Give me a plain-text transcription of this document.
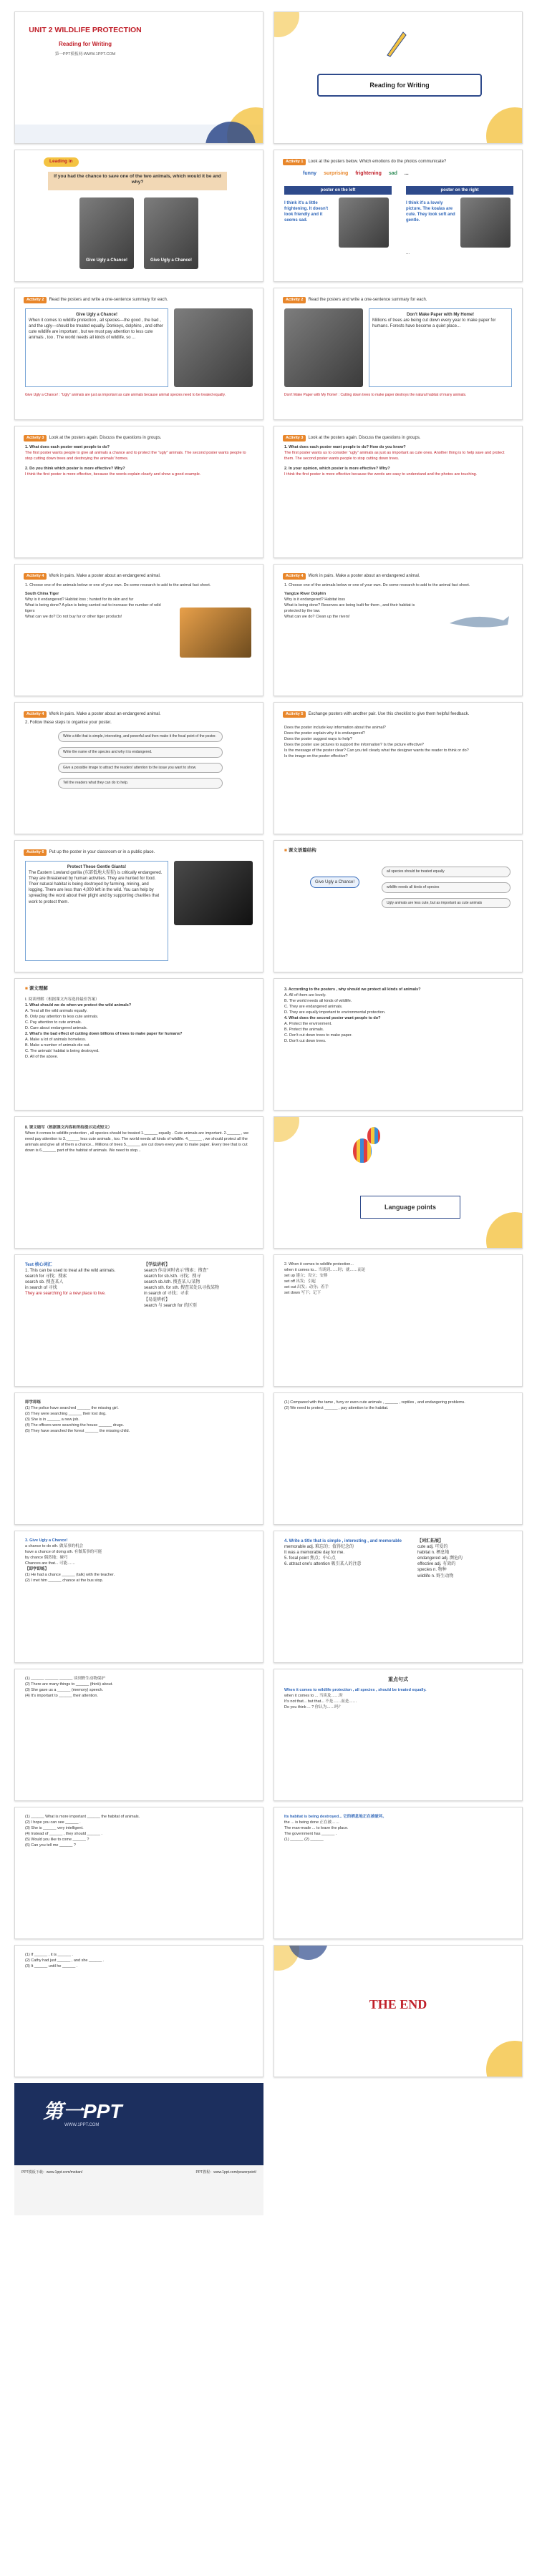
UNIT 2 WILDLIFE PROTECTION
Reading for Writing
第一PPT模板网-WWW.1PPT.COM
Reading for Writing
Leading in
If you had the chance to save one of the two animals, which would it be and why?
Give Ugly a Chance!	Give Ugly a Chance!
Activity 1 Look at the posters below. Which emotions do the photos communicate?
funny surprising frightening sad ...
poster on the left	poster on the right
I think it's a little frightening. It doesn't look friendly and it seems sad.
I think it's a lovely picture. The koalas are cute. They look soft and gentle.
...
Activity 2 Read the posters and write a one-sentence summary for each.
Give Ugly a Chance!
When it comes to wildlife protection , all species—the good , the bad , and the ugly—should be treated equally. Donkeys, dolphins , and other cute wildlife are important , but we must pay attention to less cute animals , too . The world needs all kinds of wildlife, so ...
Give Ugly a Chance! : "Ugly" animals are just as important as cute animals because animal species need to be treated equally.
Activity 2 Read the posters and write a one-sentence summary for each.
Don't Make Paper with My Home!
Millions of trees are being cut down every year to make paper for humans. Forests have become a quiet place...
Don't Make Paper with My Home! : Cutting down trees to make paper destroys the natural habitat of many animals.
Activity 3 Look at the posters again. Discuss the questions in groups.
1. What does each poster want people to do?
The first poster wants people to give all animals a chance and to protect the "ugly" animals. The second poster wants people to stop cutting down trees and destroying the animals' homes.
2. Do you think which poster is more effective? Why?
I think the first poster is more effective, because the words explain clearly and show a good example.
Activity 3 Look at the posters again. Discuss the questions in groups.
1. What does each poster want people to do? How do you know?
The first poster wants us to consider "ugly" animals as just as important as cute ones. Another thing is to help save and protect them. The second poster wants people to stop cutting down trees.
2. In your opinion, which poster is more effective? Why?
I think the first poster is more effective because the words are easy to understand and the photos are touching.
Activity 4 Work in pairs. Make a poster about an endangered animal.
1. Choose one of the animals below or one of your own. Do some research to add to the animal fact sheet.
South China Tiger
Why is it endangered? Habitat loss ; hunted for its skin and fur
What is being done? A plan is being carried out to increase the number of wild tigers
What can we do? Do not buy fur or other tiger products!
Activity 4 Work in pairs. Make a poster about an endangered animal.
1. Choose one of the animals below or one of your own. Do some research to add to the animal fact sheet.
Yangtze River Dolphin
Why is it endangered? Habitat loss
What is being done? Reserves are being built for them , and their habitat is protected by the law.
What can we do? Clean up the rivers!
Activity 4 Work in pairs. Make a poster about an endangered animal.
2. Follow these steps to organise your poster.
Write a title that is simple, interesting, and powerful and then make it the focal point of the poster.
Write the name of the species and why it is endangered.
Give a possible image to attract the readers' attention to the issue you want to show.
Tell the readers what they can do to help.
Activity 5 Exchange posters with another pair. Use this checklist to give them helpful feedback.
Does the poster include key information about the animal?
Does the poster explain why it is endangered?
Does the poster suggest ways to help?
Does the poster use pictures to support the information? Is the picture effective?
Is the message of the poster clear? Can you tell clearly what the designer wants the reader to think or do?
Is the image on the poster effective?
Activity 6 Put up the poster in your classroom or in a public place.
Protect These Gentle Giants!
The Eastern Lowland gorilla (东部低地大猩猩) is critically endangered. They are threatened by human activities. They are hunted for food. Their natural habitat is being destroyed by farming, mining, and logging. There are less than 4,000 left in the wild. You can help by spreading the word about their plight and by supporting charities that work to protect them.
■ 课文语篇结构
Give Ugly a Chance!
all species should be treated equally
wildlife needs all kinds of species
Ugly animals are less cute, but as important as cute animals
■ 课文理解
Ⅰ. 阅读理解（根据课文内容选择最佳答案）
1. What should we do when we protect the wild animals?
A. Treat all the wild animals equally.
B. Only pay attention to less cute animals.
C. Pay attention to cute animals.
D. Care about endangered animals.
2. What's the bad effect of cutting down billions of trees to make paper for humans?
A. Make a lot of animals homeless.
B. Make a number of animals die out.
C. The animals' habitat is being destroyed.
D. All of the above.
3. According to the posters , why should we protect all kinds of animals?
A. All of them are lovely.
B. The world needs all kinds of wildlife.
C. They are endangered animals.
D. They are equally important to environmental protection.
4. What does the second poster want people to do?
A. Protect the environment.
B. Protect the animals.
C. Don't cut down trees to make paper.
D. Don't cut down trees.
Ⅱ. 课文缩写（根据课文内容和所给提示完成短文）
When it comes to wildlife protection , all species should be treated 1.______ equally . Cute animals are important. 2.______ , we need pay attention to 3.______ less cute animals , too. The world needs all kinds of wildlife. 4.______ , we should protect all the animals and give all of them a chance... Millions of trees 5.______ are cut down every year to make paper. Every tree that is cut down is 6.______ part of the habitat of animals. We need to stop...
Language points
Text 核心词汇
1. This can be used to treat all the wild animals.
search for 寻找；搜索
search sb. 搜查某人
in search of 寻找
They are searching for a new place to live.
【学法讲析】
search 作动词时表示“搜索；搜查”
search for sb./sth. 寻找；搜寻
search sb./sth. 搜查某人/某物
search sth. for sth. 搜查某处以寻找某物
in search of 寻找；寻求
【易混辨析】
search 与 search for 的区别
2. When it comes to wildlife protection...
when it comes to... 当谈到……时；就……而论
set up 建立；设立；安排
set off 出发；引起
set out 出发；动身；着手
set down 写下；记下
即学即练
(1) The police have searched ______ the missing girl.
(2) They were searching ______ their lost dog.
(3) She is in ______ a new job.
(4) The officers were searching the house ______ drugs.
(5) They have searched the forest ______ the missing child.
(1) Compared with the tame , furry or even cute animals , ______ , reptiles , and endangering problems.
(2) We need to protect ______ , pay attention to the habitat.
3. Give Ugly a Chance!
a chance to do sth. 做某事的机会
have a chance of doing sth. 有做某事的可能
by chance 偶然地；碰巧
Chances are that... 可能……
【即学即练】
(1) He had a chance ______ (talk) with the teacher.
(2) I met him ______ chance at the bus stop.
4. Write a title that is simple , interesting , and memorable
memorable adj. 难忘的；值得纪念的
It was a memorable day for me.
5. focal point 焦点；中心点
6. attract one's attention 吸引某人的注意
【词汇拓展】
cute adj. 可爱的
habitat n. 栖息地
endangered adj. 濒危的
effective adj. 有效的
species n. 物种
wildlife n. 野生动物
(1) ______ ______ ______ 谈到野生动物保护
(2) There are many things to ______ (think) about.
(3) She gave us a ______ (memory) speech.
(4) It's important to ______ their attention.
重点句式
When it comes to wildlife protection , all species , should be treated equally.
when it comes to ... 当谈及……时
It's not that... but that... 不是……而是……
Do you think ... ? 你认为……吗？
(1) ______ What is more important ______ the habitat of animals.
(2) I hope you can see ______ .
(3) She is ______ very intelligent.
(4) Instead of ______ , they should ______ .
(5) Would you like to come ______ ?
(6) Can you tell me ______ ?
Its habitat is being destroyed... 它的栖息地正在被破坏。
the ... is being done 正在被……
The man-made ... to leave the place.
The government has ______ .
(1) ______ (2) ______
(1) If ______ , it is ______ .
(2) Cathy had just ______ , and she ______ .
(3) It ______ until he ______ .
THE END
第一PPT
WWW.1PPT.COM
PPT模板下载：www.1ppt.com/moban/	PPT教程：www.1ppt.com/powerpoint/
